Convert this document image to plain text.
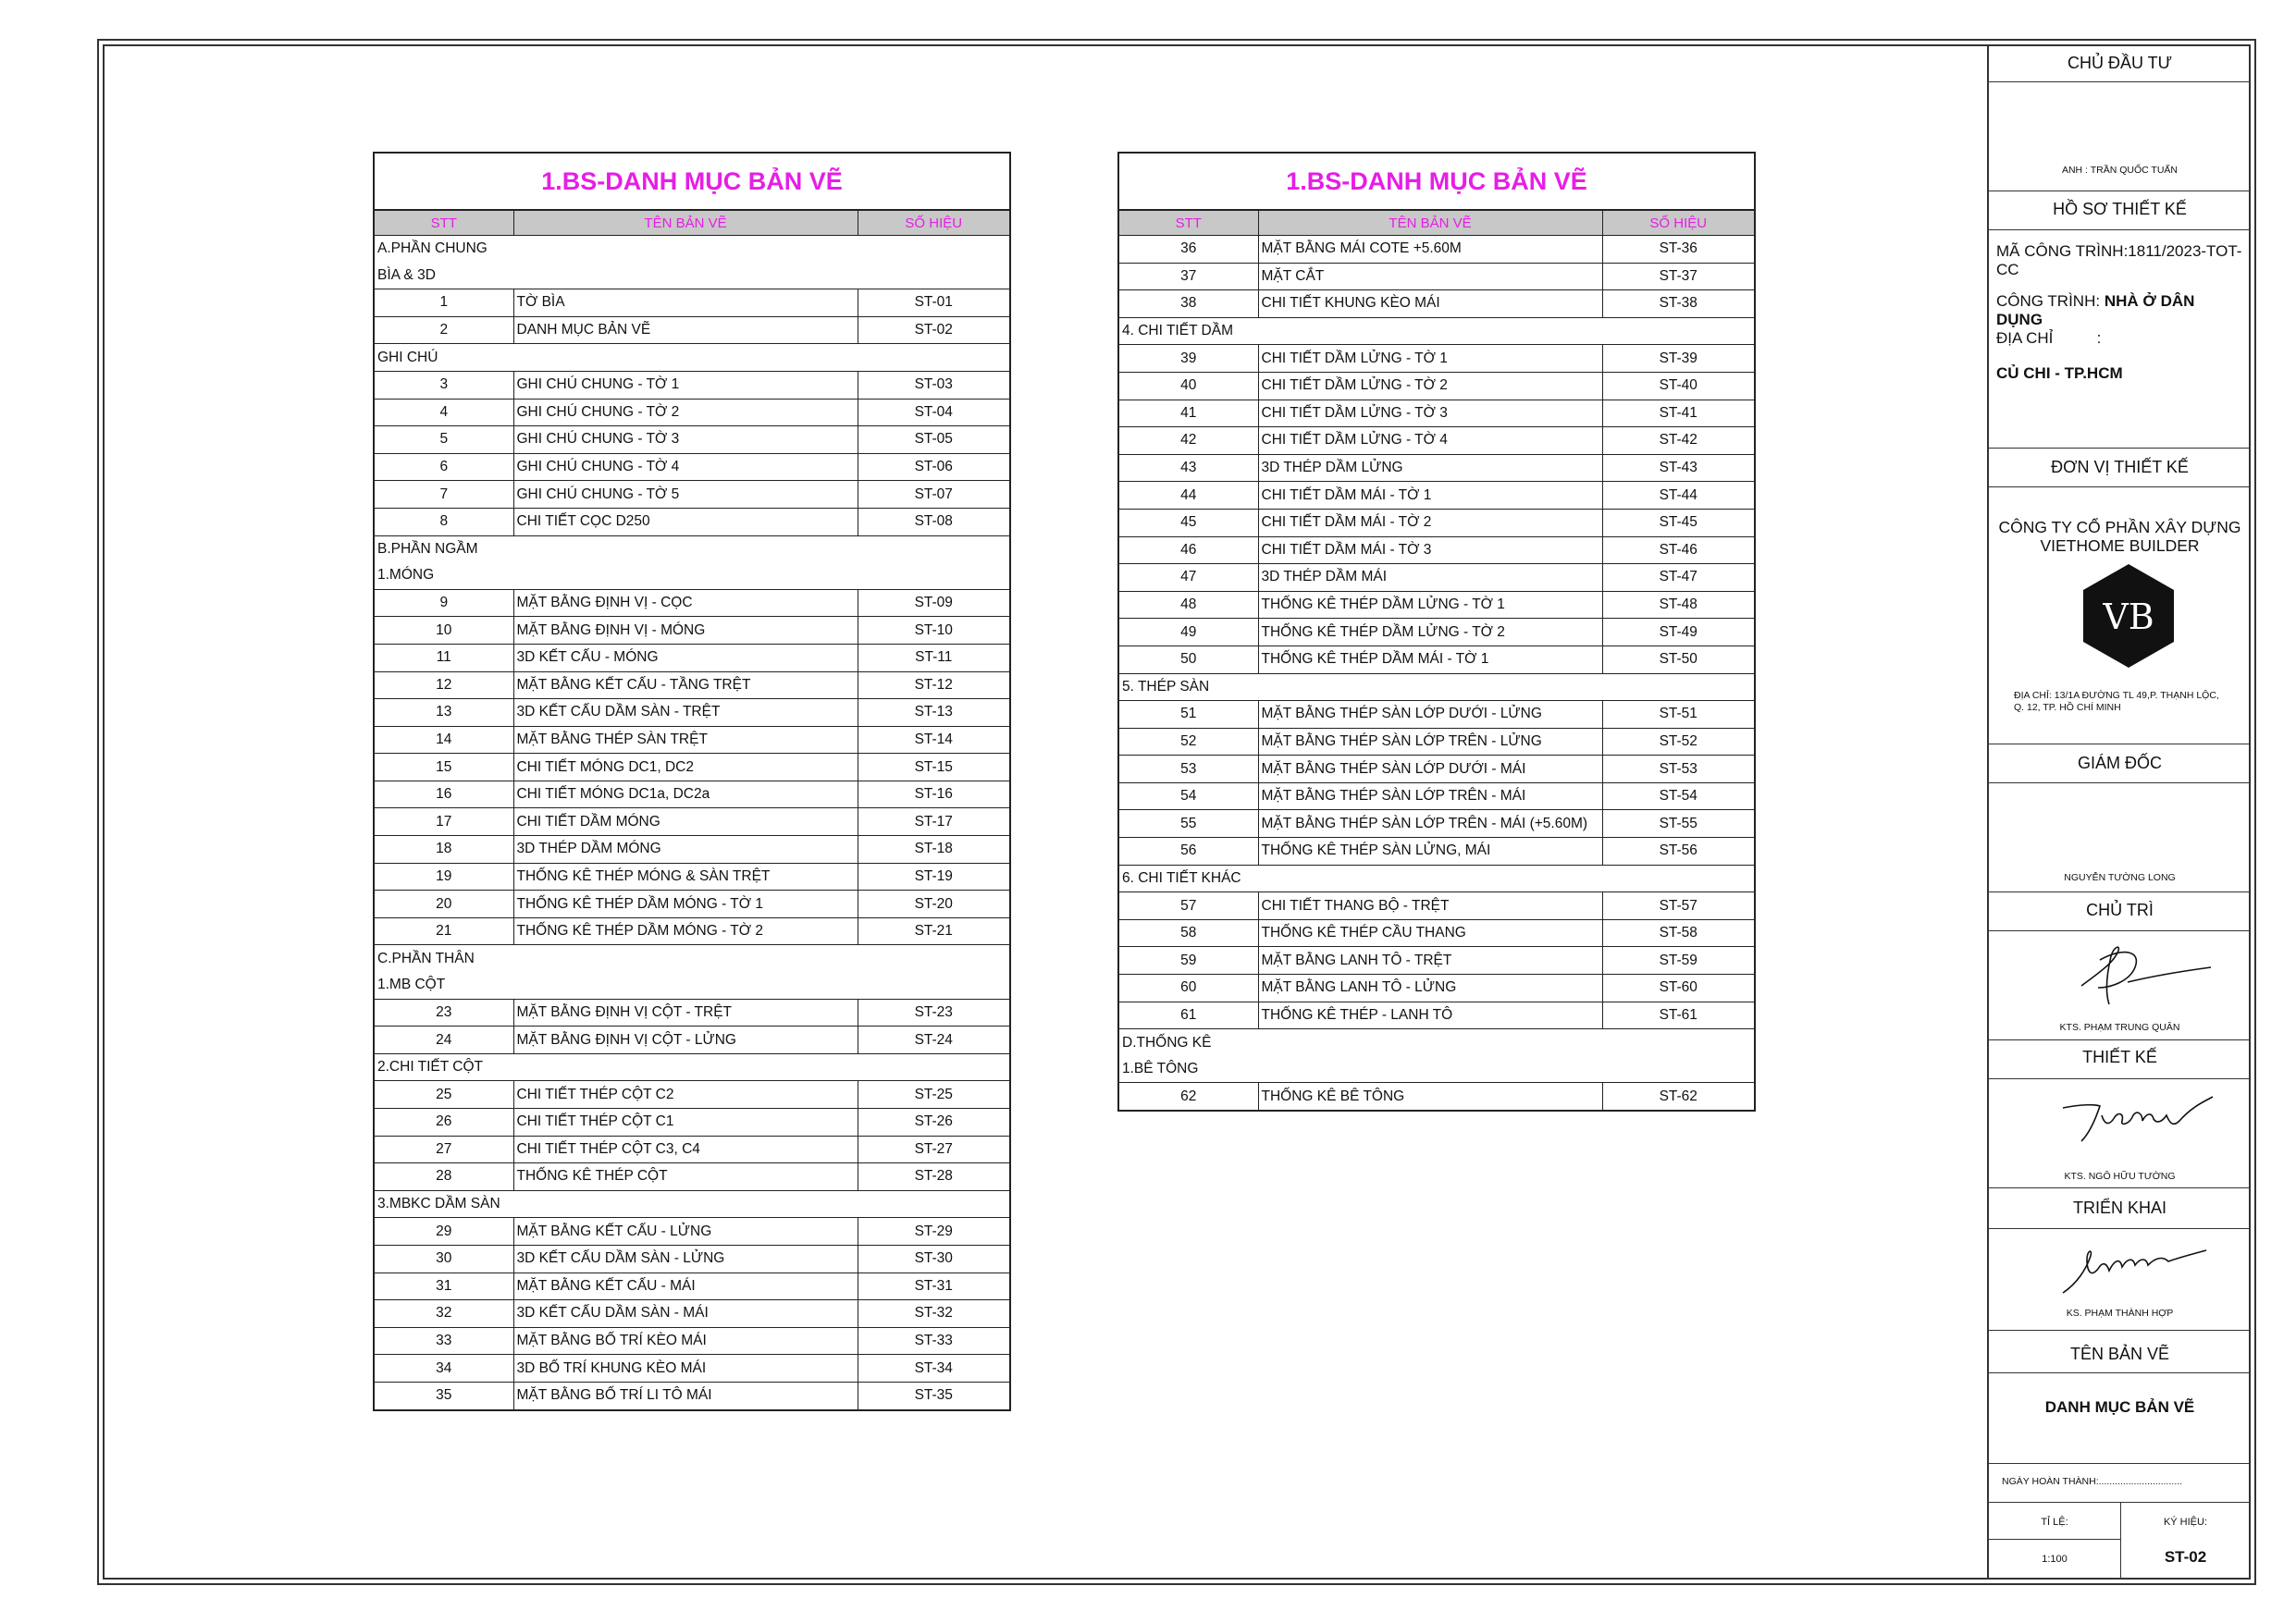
1.BS-DANH MỤC BẢN VẼ
STT	TÊN BẢN VẼ	SỐ HIỆU
A.PHẦN CHUNG		
BÌA & 3D		
1	TỜ BÌA	ST-01
2	DANH MỤC BẢN VẼ	ST-02
GHI CHÚ		
3	GHI CHÚ CHUNG - TỜ 1	ST-03
4	GHI CHÚ CHUNG - TỜ 2	ST-04
5	GHI CHÚ CHUNG - TỜ 3	ST-05
6	GHI CHÚ CHUNG - TỜ 4	ST-06
7	GHI CHÚ CHUNG - TỜ 5	ST-07
8	CHI TIẾT CỌC D250	ST-08
B.PHẦN NGẦM		
1.MÓNG		
9	MẶT BẰNG ĐỊNH VỊ - CỌC	ST-09
10	MẶT BẰNG ĐỊNH VỊ - MÓNG	ST-10
11	3D KẾT CẤU - MÓNG	ST-11
12	MẶT BẰNG KẾT CẤU - TẦNG TRỆT	ST-12
13	3D KẾT CẤU DẦM SÀN - TRỆT	ST-13
14	MẶT BẰNG THÉP SÀN TRỆT	ST-14
15	CHI TIẾT MÓNG DC1, DC2	ST-15
16	CHI TIẾT MÓNG DC1a, DC2a	ST-16
17	CHI TIẾT DẦM MÓNG	ST-17
18	3D THÉP DẦM MÓNG	ST-18
19	THỐNG KÊ THÉP MÓNG & SÀN TRỆT	ST-19
20	THỐNG KÊ THÉP DẦM MÓNG - TỜ 1	ST-20
21	THỐNG KÊ THÉP DẦM MÓNG - TỜ 2	ST-21
C.PHẦN THÂN		
1.MB CỘT		
23	MẶT BẰNG ĐỊNH VỊ CỘT - TRỆT	ST-23
24	MẶT BẰNG ĐỊNH VỊ CỘT - LỬNG	ST-24
2.CHI TIẾT CỘT		
25	CHI TIẾT THÉP CỘT C2	ST-25
26	CHI TIẾT THÉP CỘT C1	ST-26
27	CHI TIẾT THÉP CỘT C3, C4	ST-27
28	THỐNG KÊ THÉP CỘT	ST-28
3.MBKC DẦM SÀN		
29	MẶT BẰNG KẾT CẤU - LỬNG	ST-29
30	3D KẾT CẤU DẦM SÀN - LỬNG	ST-30
31	MẶT BẰNG KẾT CẤU - MÁI	ST-31
32	3D KẾT CẤU DẦM SÀN - MÁI	ST-32
33	MẶT BẰNG BỐ TRÍ KÈO MÁI	ST-33
34	3D BỐ TRÍ KHUNG KÈO MÁI	ST-34
35	MẶT BẰNG BỐ TRÍ LI TÔ MÁI	ST-35
1.BS-DANH MỤC BẢN VẼ
STT	TÊN BẢN VẼ	SỐ HIỆU
36	MẶT BẰNG MÁI COTE +5.60M	ST-36
37	MẶT CẮT	ST-37
38	CHI TIẾT KHUNG KÈO MÁI	ST-38
4. CHI TIẾT DẦM		
39	CHI TIẾT DẦM LỬNG - TỜ 1	ST-39
40	CHI TIẾT DẦM LỬNG - TỜ 2	ST-40
41	CHI TIẾT DẦM LỬNG - TỜ 3	ST-41
42	CHI TIẾT DẦM LỬNG - TỜ 4	ST-42
43	3D THÉP DẦM LỬNG	ST-43
44	CHI TIẾT DẦM MÁI - TỜ 1	ST-44
45	CHI TIẾT DẦM MÁI - TỜ 2	ST-45
46	CHI TIẾT DẦM MÁI - TỜ 3	ST-46
47	3D THÉP DẦM MÁI	ST-47
48	THỐNG KÊ THÉP DẦM LỬNG - TỜ 1	ST-48
49	THỐNG KÊ THÉP DẦM LỬNG - TỜ 2	ST-49
50	THỐNG KÊ THÉP DẦM MÁI - TỜ 1	ST-50
5. THÉP SÀN		
51	MẶT BẰNG THÉP SÀN LỚP DƯỚI - LỬNG	ST-51
52	MẶT BẰNG THÉP SÀN LỚP TRÊN - LỬNG	ST-52
53	MẶT BẰNG THÉP SÀN LỚP DƯỚI - MÁI	ST-53
54	MẶT BẰNG THÉP SÀN LỚP TRÊN - MÁI	ST-54
55	MẶT BẰNG THÉP SÀN LỚP TRÊN - MÁI (+5.60M)	ST-55
56	THỐNG KÊ THÉP SÀN LỬNG, MÁI	ST-56
6. CHI TIẾT KHÁC		
57	CHI TIẾT THANG BỘ - TRỆT	ST-57
58	THỐNG KÊ THÉP CẦU THANG	ST-58
59	MẶT BẰNG LANH TÔ - TRỆT	ST-59
60	MẶT BẰNG LANH TÔ - LỬNG	ST-60
61	THỐNG KÊ THÉP - LANH TÔ	ST-61
D.THỐNG KÊ		
1.BÊ TÔNG		
62	THỐNG KÊ BÊ TÔNG	ST-62
CHỦ ĐẦU TƯ
ANH : TRẦN QUỐC TUẤN
HỒ SƠ THIẾT KẾ
MÃ CÔNG TRÌNH:1811/2023-TOT-CC
CÔNG TRÌNH: NHÀ Ở DÂN DỤNG
ĐỊA CHỈ          :
CỦ CHI - TP.HCM
ĐƠN VỊ THIẾT KẾ
CÔNG TY CỔ PHẦN XÂY DỰNG
VIETHOME BUILDER
VB
ĐỊA CHỈ: 13/1A ĐƯỜNG TL 49,P. THẠNH LỘC,
Q. 12, TP. HỒ CHÍ MINH
GIÁM ĐỐC
NGUYỄN TƯỜNG LONG
CHỦ TRÌ
KTS. PHẠM TRUNG QUÂN
THIẾT KẾ
KTS. NGÔ HỮU TƯỜNG
TRIỂN KHAI
KS. PHẠM THÀNH HỢP
TÊN BẢN VẼ
DANH MỤC BẢN VẼ
NGÀY HOÀN THÀNH:...............................
TỈ LỆ:	KÝ HIỆU:
1:100	ST-02
